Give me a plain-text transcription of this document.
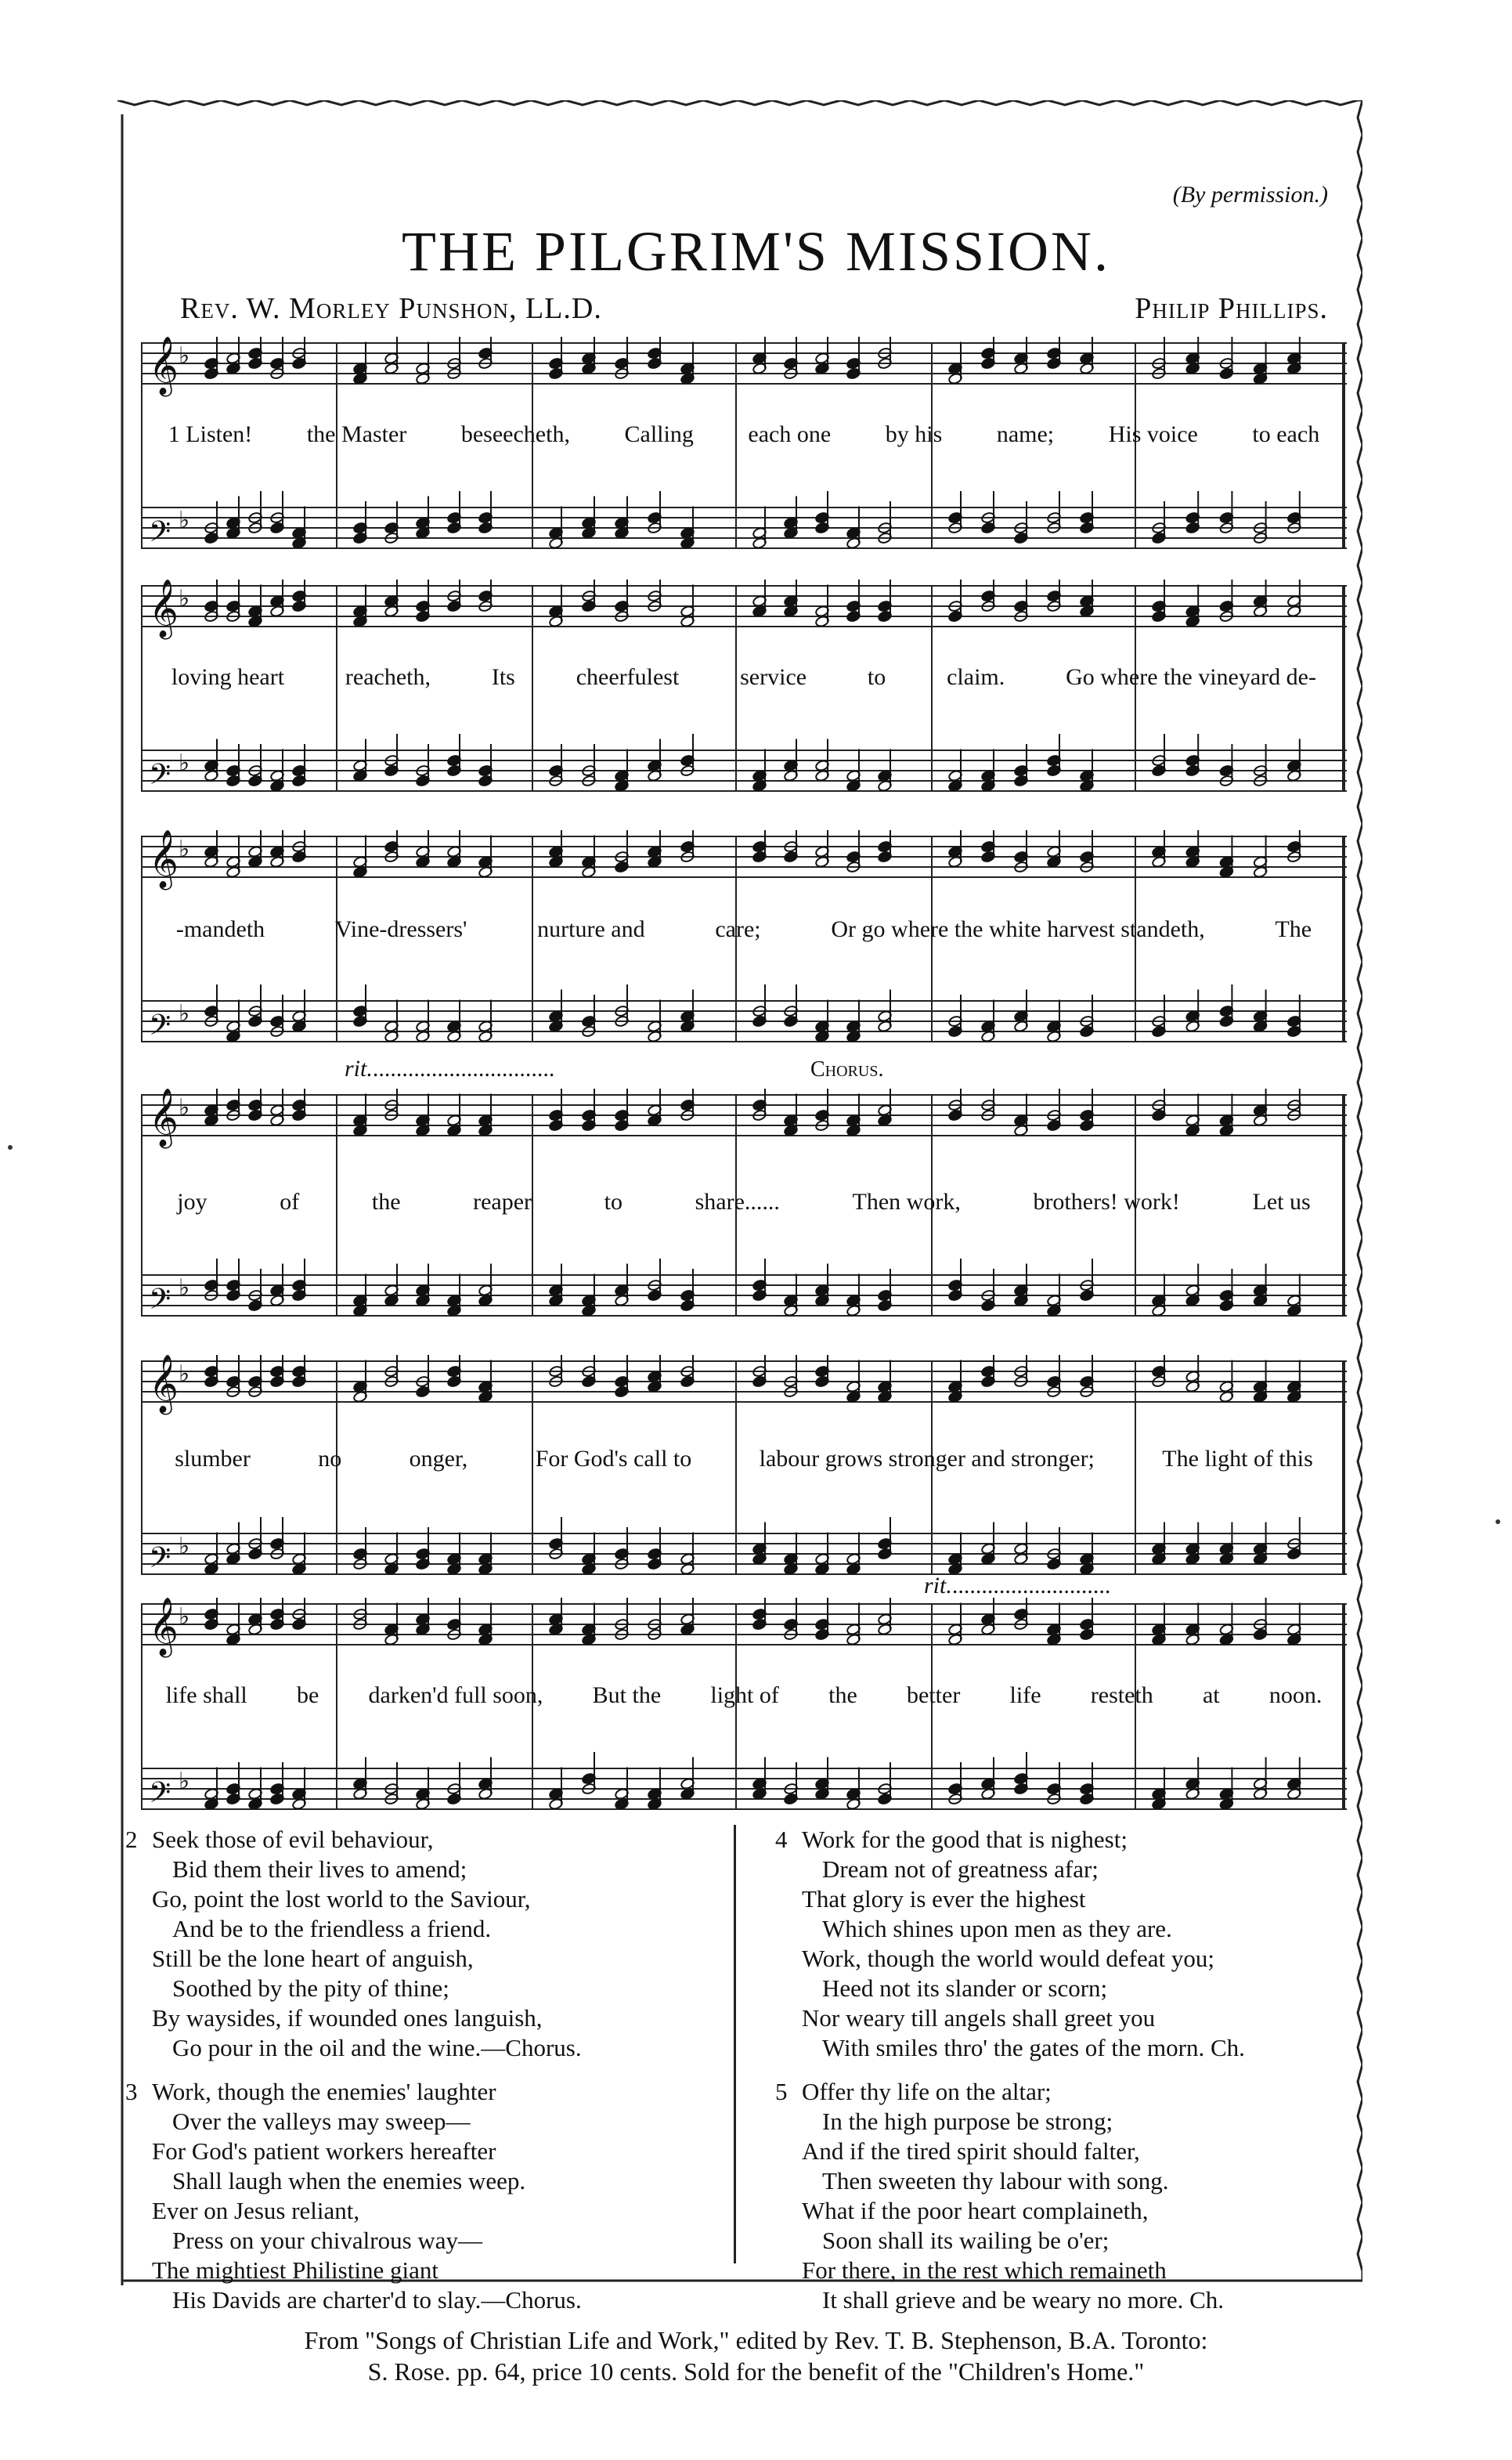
(By permission.)
THE PILGRIM'S MISSION.
Rev. W. Morley Punshon, LL.D.	Philip Phillips.
𝄞 ♭
𝄢 ♭
1 Listen! the Master beseecheth, Calling each one by his name; His voice to each
𝄞 ♭
𝄢 ♭
loving heart	reacheth,	Its	cheerfulest	service	to	claim.	Go where the vineyard de-
𝄞 ♭
𝄢 ♭
-mandeth	Vine-dressers'	nurture and	care;	Or go where the white harvest standeth,	The
rit................................	Chorus.
𝄞 ♭
𝄢 ♭
joy	of	the	reaper	to	share......	Then work,	brothers! work!	Let us
𝄞 ♭
𝄢 ♭
slumber	no	onger,	For God's call to	labour grows stronger and stronger;	The light of this
rit............................
𝄞 ♭
𝄢 ♭
life shall be darken'd full soon, But the light of the better life resteth at noon.
2 Seek those of evil behaviour,
Bid them their lives to amend;
Go, point the lost world to the Saviour,
And be to the friendless a friend.
Still be the lone heart of anguish,
Soothed by the pity of thine;
By waysides, if wounded ones languish,
Go pour in the oil and the wine.—Chorus.
3 Work, though the enemies' laughter
Over the valleys may sweep—
For God's patient workers hereafter
Shall laugh when the enemies weep.
Ever on Jesus reliant,
Press on your chivalrous way—
The mightiest Philistine giant
His Davids are charter'd to slay.—Chorus.
4 Work for the good that is nighest;
Dream not of greatness afar;
That glory is ever the highest
Which shines upon men as they are.
Work, though the world would defeat you;
Heed not its slander or scorn;
Nor weary till angels shall greet you
With smiles thro' the gates of the morn. Ch.
5 Offer thy life on the altar;
In the high purpose be strong;
And if the tired spirit should falter,
Then sweeten thy labour with song.
What if the poor heart complaineth,
Soon shall its wailing be o'er;
For there, in the rest which remaineth
It shall grieve and be weary no more. Ch.
From "Songs of Christian Life and Work," edited by Rev. T. B. Stephenson, B.A. Toronto:
S. Rose. pp. 64, price 10 cents. Sold for the benefit of the "Children's Home."
